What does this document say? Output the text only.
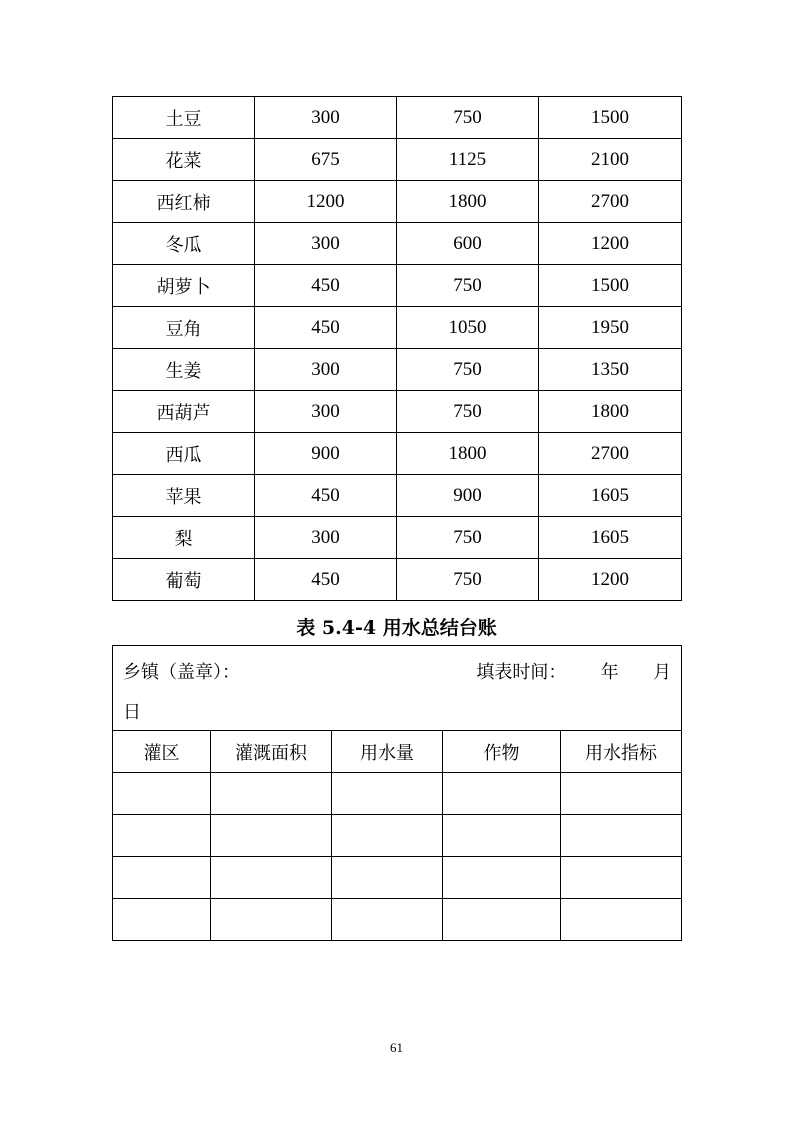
土豆	300	750	1500
花菜	675	1125	2100
西红柿	1200	1800	2700
冬瓜	300	600	1200
胡萝卜	450	750	1500
豆角	450	1050	1950
生姜	300	750	1350
西葫芦	300	750	1800
西瓜	900	1800	2700
苹果	450	900	1605
梨	300	750	1605
葡萄	450	750	1200
表 5.4-4 用水总结台账
乡镇（盖章）： 填表时间： 年 月
日				

灌区	灌溉面积	用水量	作物	用水指标

61
